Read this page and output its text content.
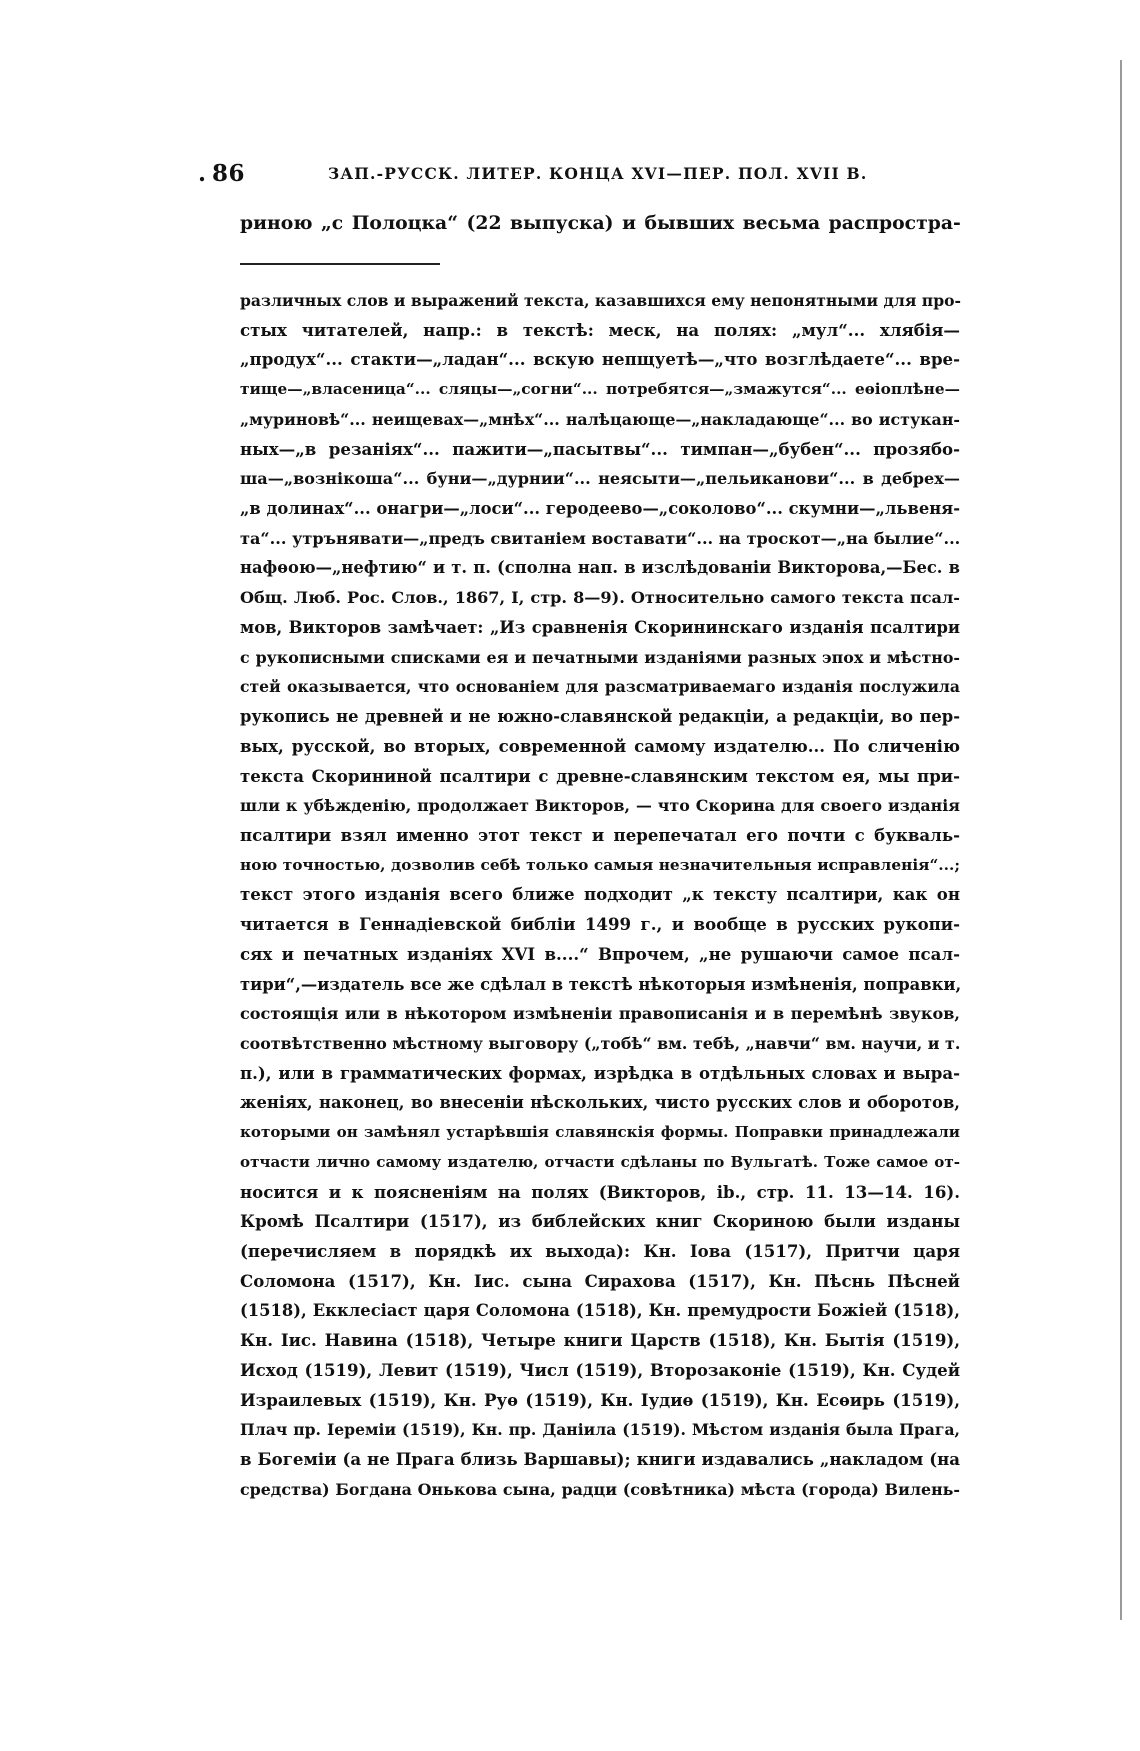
. 86	ЗАП.-РУССК. ЛИТЕР. КОНЦА XVI—ПЕР. ПОЛ. XVII В.
риною „с Полоцка“ (22 выпуска) и бывших весьма распростра-
различных слов и выражений текста, казавшихся ему непонятными для про-
стых читателей, напр.: в текстѣ: меск, на полях: „мул“... хлябія—
„продух“... стакти—„ладан“... вскую непщуетѣ—„что возглѣдаете“... вре-
тище—„власеница“... сляцы—„согни“... потребятся—„змажутся“... еѳіоплѣне—
„муриновѣ“... неищевах—„мнѣх“... налѣцающе—„накладающе“... во истукан-
ных—„в резаніях“... пажити—„пасытвы“... тимпан—„бубен“... прозябо-
ша—„вознікоша“... буни—„дурнии“... неясыти—„пельиканови“... в дебрех—
„в долинах“... онагри—„лоси“... геродеево—„соколово“... скумни—„львеня-
та“... утрънявати—„предъ свитаніем воставати“... на троскот—„на былие“...
нафѳою—„нефтию“ и т. п. (сполна нап. в изслѣдованіи Викторова,—Бес. в
Общ. Люб. Рос. Слов., 1867, I, стр. 8—9). Относительно самого текста псал-
мов, Викторов замѣчает: „Из сравненія Скорининскаго изданія псалтири
с рукописными списками ея и печатными изданіями разных эпох и мѣстно-
стей оказывается, что основаніем для разсматриваемаго изданія послужила
рукопись не древней и не южно-славянской редакціи, а редакціи, во пер-
вых, русской, во вторых, современной самому издателю... По сличенію
текста Скорининой псалтири с древне-славянским текстом ея, мы при-
шли к убѣжденію, продолжает Викторов, — что Скорина для своего изданія
псалтири взял именно этот текст и перепечатал его почти с букваль-
ною точностью, дозволив себѣ только самыя незначительныя исправленія“...;
текст этого изданія всего ближе подходит „к тексту псалтири, как он
читается в Геннадіевской библіи 1499 г., и вообще в русских рукопи-
сях и печатных изданіях XVI в....“ Впрочем, „не рушаючи самое псал-
тири“,—издатель все же сдѣлал в текстѣ нѣкоторыя измѣненія, поправки,
состоящія или в нѣкотором измѣненіи правописанія и в перемѣнѣ звуков,
соотвѣтственно мѣстному выговору („тобѣ“ вм. тебѣ, „навчи“ вм. научи, и т.
п.), или в грамматических формах, изрѣдка в отдѣльных словах и выра-
женіях, наконец, во внесеніи нѣскольких, чисто русских слов и оборотов,
которыми он замѣнял устарѣвшія славянскія формы. Поправки принадлежали
отчасти лично самому издателю, отчасти сдѣланы по Вульгатѣ. Тоже самое от-
носится и к поясненіям на полях (Викторов, ib., стр. 11. 13—14. 16).
Кромѣ Псалтири (1517), из библейских книг Скориною были изданы
(перечисляем в порядкѣ их выхода): Кн. Іова (1517), Притчи царя
Соломона (1517), Кн. Іис. сына Сирахова (1517), Кн. Пѣснь Пѣсней
(1518), Екклесіаст царя Соломона (1518), Кн. премудрости Божіей (1518),
Кн. Іис. Навина (1518), Четыре книги Царств (1518), Кн. Бытія (1519),
Исход (1519), Левит (1519), Числ (1519), Второзаконіе (1519), Кн. Судей
Израилевых (1519), Кн. Руѳ (1519), Кн. Іудиѳ (1519), Кн. Есѳирь (1519),
Плач пр. Іереміи (1519), Кн. пр. Даніила (1519). Мѣстом изданія была Прага,
в Богеміи (а не Прага близь Варшавы); книги издавались „накладом (на
средства) Богдана Онькова сына, радци (совѣтника) мѣста (города) Вилень-
